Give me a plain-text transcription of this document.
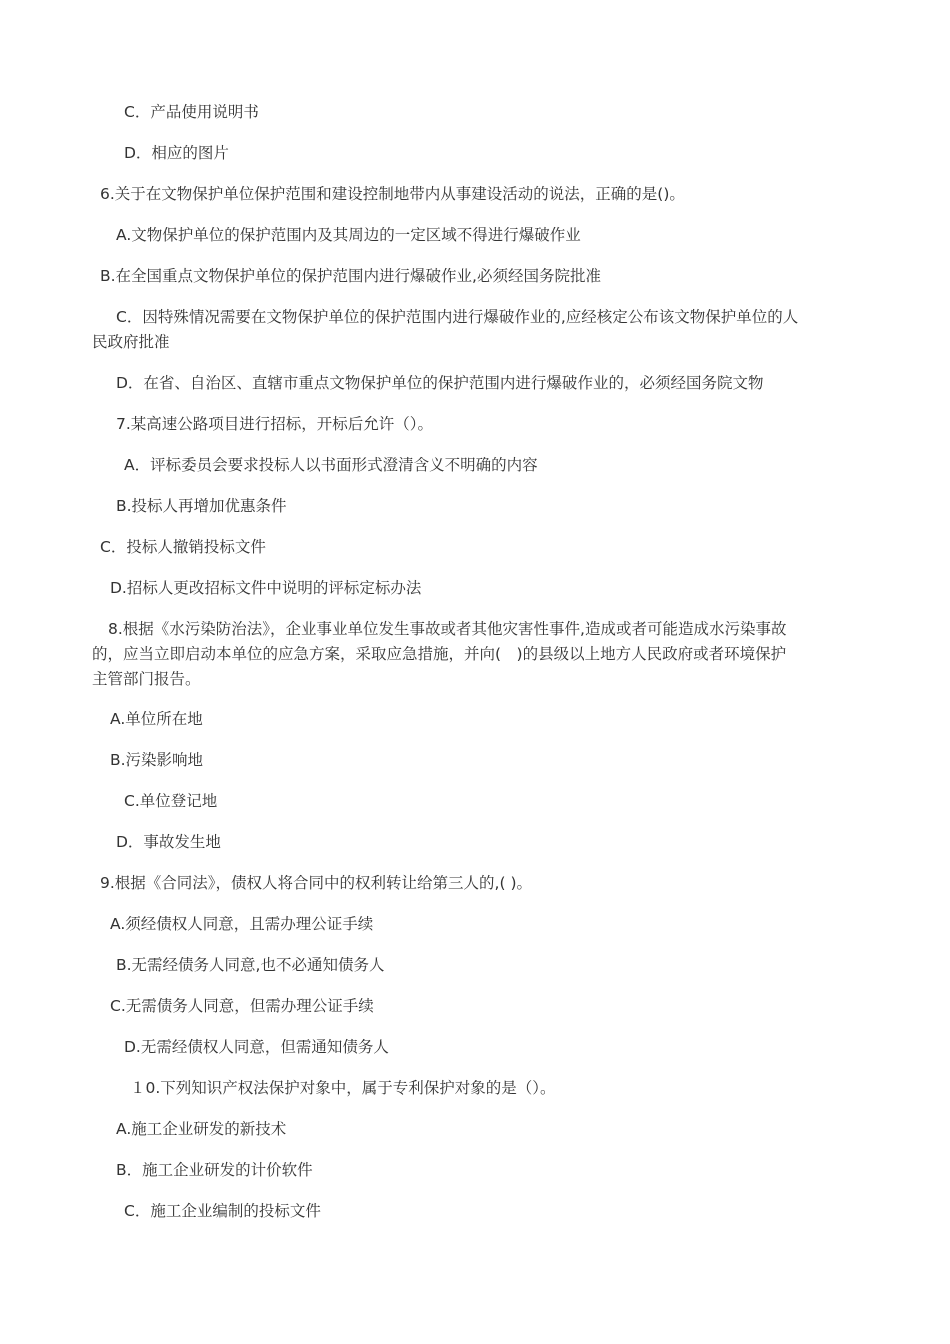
C．产品使用说明书
D．相应的图片
6.关于在文物保护单位保护范围和建设控制地带内从事建设活动的说法，正确的是()。
A.文物保护单位的保护范围内及其周边的一定区域不得进行爆破作业
B.在全国重点文物保护单位的保护范围内进行爆破作业,必须经国务院批准
C．因特殊情况需要在文物保护单位的保护范围内进行爆破作业的,应经核定公布该文物保护单位的人
民政府批准
D．在省、自治区、直辖市重点文物保护单位的保护范围内进行爆破作业的，必须经国务院文物
7.某高速公路项目进行招标，开标后允许（）。
A．评标委员会要求投标人以书面形式澄清含义不明确的内容
B.投标人再增加优惠条件
C．投标人撤销投标文件
D.招标人更改招标文件中说明的评标定标办法
8.根据《水污染防治法》，企业事业单位发生事故或者其他灾害性事件,造成或者可能造成水污染事故
的，应当立即启动本单位的应急方案，采取应急措施，并向(　)的县级以上地方人民政府或者环境保护
主管部门报告。
A.单位所在地
B.污染影响地
C.单位登记地
D．事故发生地
9.根据《合同法》，债权人将合同中的权利转让给第三人的,( )。
A.须经债权人同意，且需办理公证手续
B.无需经债务人同意,也不必通知债务人
C.无需债务人同意，但需办理公证手续
D.无需经债权人同意，但需通知债务人
１0.下列知识产权法保护对象中，属于专利保护对象的是（）。
A.施工企业研发的新技术
B．施工企业研发的计价软件
C．施工企业编制的投标文件
